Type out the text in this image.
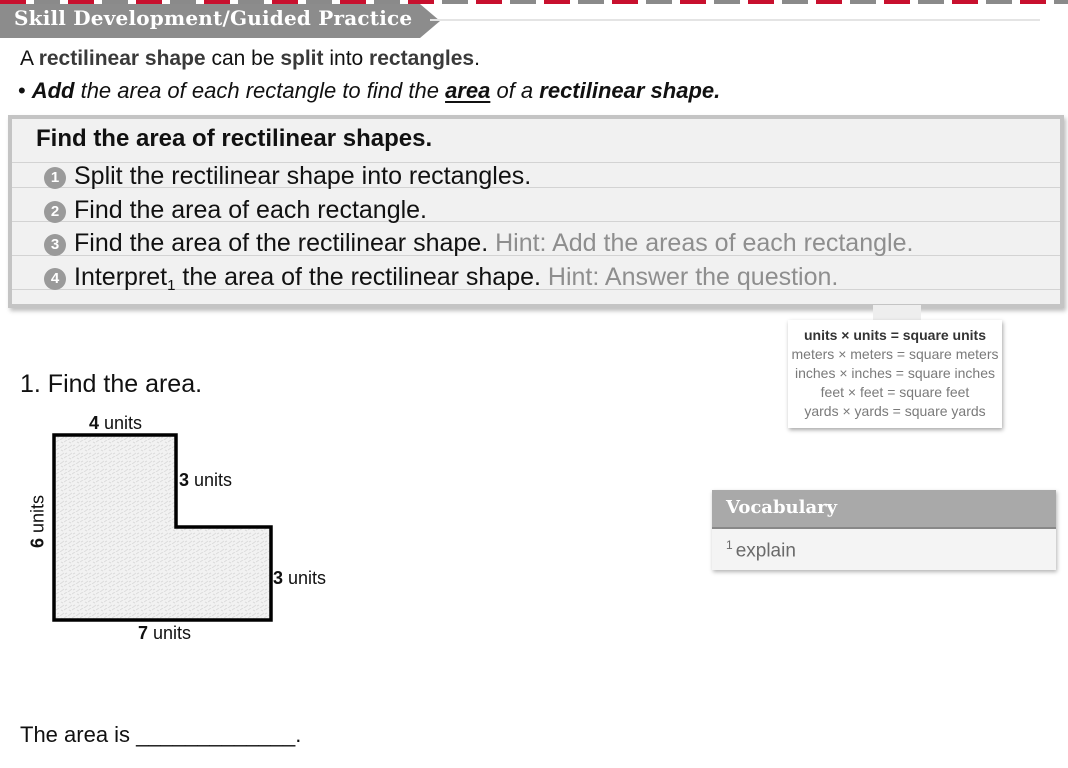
Skill Development/Guided Practice
A rectilinear shape can be split into rectangles.
• Add the area of each rectangle to find the area of a rectilinear shape.
Find the area of rectilinear shapes.
1 Split the rectilinear shape into rectangles.
2 Find the area of each rectangle.
3 Find the area of the rectilinear shape. Hint: Add the areas of each rectangle.
4 Interpret$_1$ the area of the rectilinear shape. Hint: Answer the question.
units × units = square units
meters × meters = square meters
inches × inches = square inches
feet × feet = square feet
yards × yards = square yards
1. Find the area.
4 units
3 units
3 units
7 units
6 units	Vocabulary
$^1$ explain
The area is _____________.
